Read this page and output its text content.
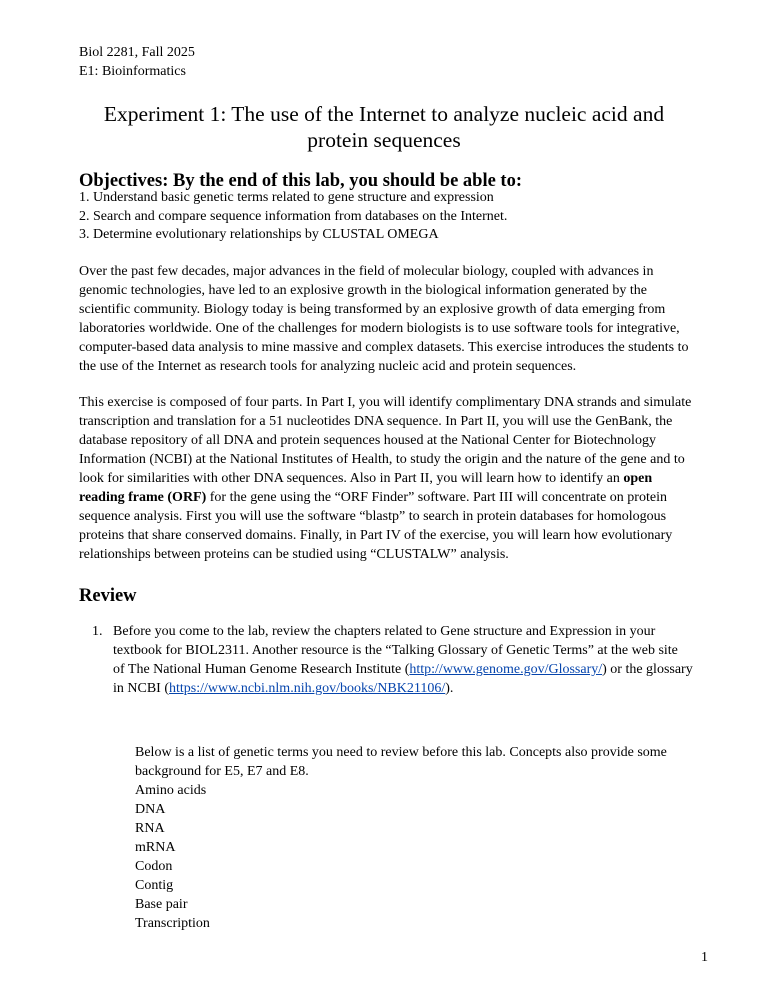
Biol 2281, Fall 2025
E1: Bioinformatics
Experiment 1: The use of the Internet to analyze nucleic acid and protein sequences
Objectives: By the end of this lab, you should be able to:
1. Understand basic genetic terms related to gene structure and expression
2. Search and compare sequence information from databases on the Internet.
3. Determine evolutionary relationships by CLUSTAL OMEGA
Over the past few decades, major advances in the field of molecular biology, coupled with advances in genomic technologies, have led to an explosive growth in the biological information generated by the scientific community. Biology today is being transformed by an explosive growth of data emerging from laboratories worldwide. One of the challenges for modern biologists is to use software tools for integrative, computer-based data analysis to mine massive and complex datasets. This exercise introduces the students to the use of the Internet as research tools for analyzing nucleic acid and protein sequences.
This exercise is composed of four parts. In Part I, you will identify complimentary DNA strands and simulate transcription and translation for a 51 nucleotides DNA sequence. In Part II, you will use the GenBank, the database repository of all DNA and protein sequences housed at the National Center for Biotechnology Information (NCBI) at the National Institutes of Health, to study the origin and the nature of the gene and to look for similarities with other DNA sequences. Also in Part II, you will learn how to identify an open reading frame (ORF) for the gene using the “ORF Finder” software. Part III will concentrate on protein sequence analysis. First you will use the software “blastp” to search in protein databases for homologous proteins that share conserved domains. Finally, in Part IV of the exercise, you will learn how evolutionary relationships between proteins can be studied using “CLUSTALW” analysis.
Review
1. Before you come to the lab, review the chapters related to Gene structure and Expression in your textbook for BIOL2311. Another resource is the “Talking Glossary of Genetic Terms” at the web site of The National Human Genome Research Institute (http://www.genome.gov/Glossary/) or the glossary in NCBI (https://www.ncbi.nlm.nih.gov/books/NBK21106/).
Below is a list of genetic terms you need to review before this lab. Concepts also provide some background for E5, E7 and E8.
Amino acids
DNA
RNA
mRNA
Codon
Contig
Base pair
Transcription
1
